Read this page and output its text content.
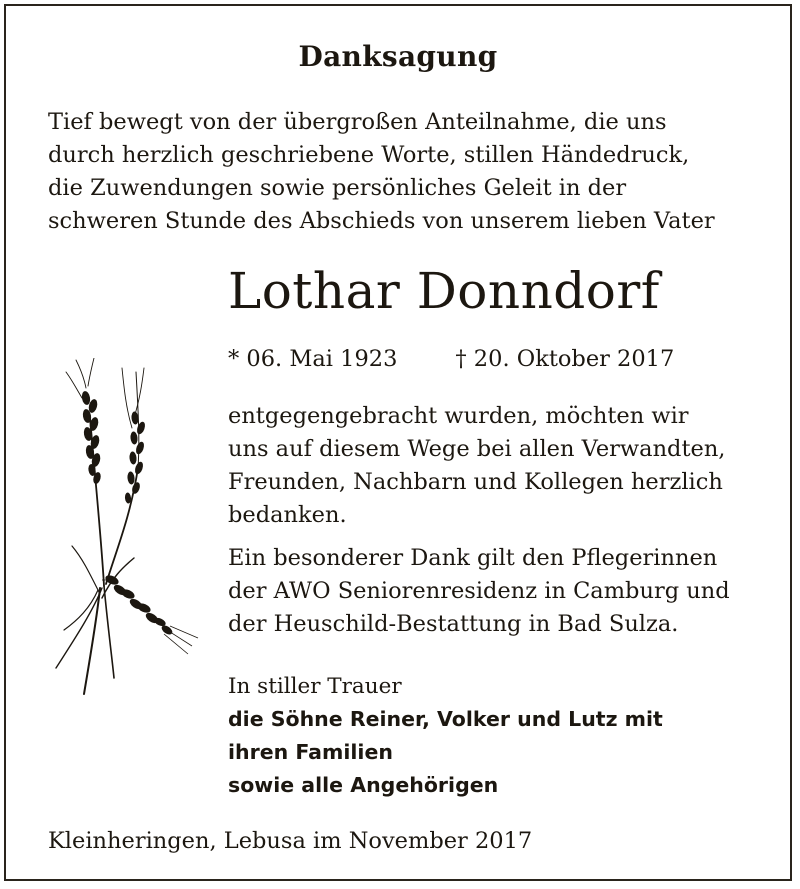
Danksagung
Tief bewegt von der übergroßen Anteilnahme, die uns
durch herzlich geschriebene Worte, stillen Händedruck,
die Zuwendungen sowie persönliches Geleit in der
schweren Stunde des Abschieds von unserem lieben Vater
Lothar Donndorf
* 06. Mai 1923	† 20. Oktober 2017
entgegengebracht wurden, möchten wir
uns auf diesem Wege bei allen Verwandten,
Freunden, Nachbarn und Kollegen herzlich
bedanken.
Ein besonderer Dank gilt den Pflegerinnen
der AWO Seniorenresidenz in Camburg und
der Heuschild-Bestattung in Bad Sulza.
In stiller Trauer
die Söhne Reiner, Volker und Lutz mit
ihren Familien
sowie alle Angehörigen
Kleinheringen, Lebusa im November 2017
